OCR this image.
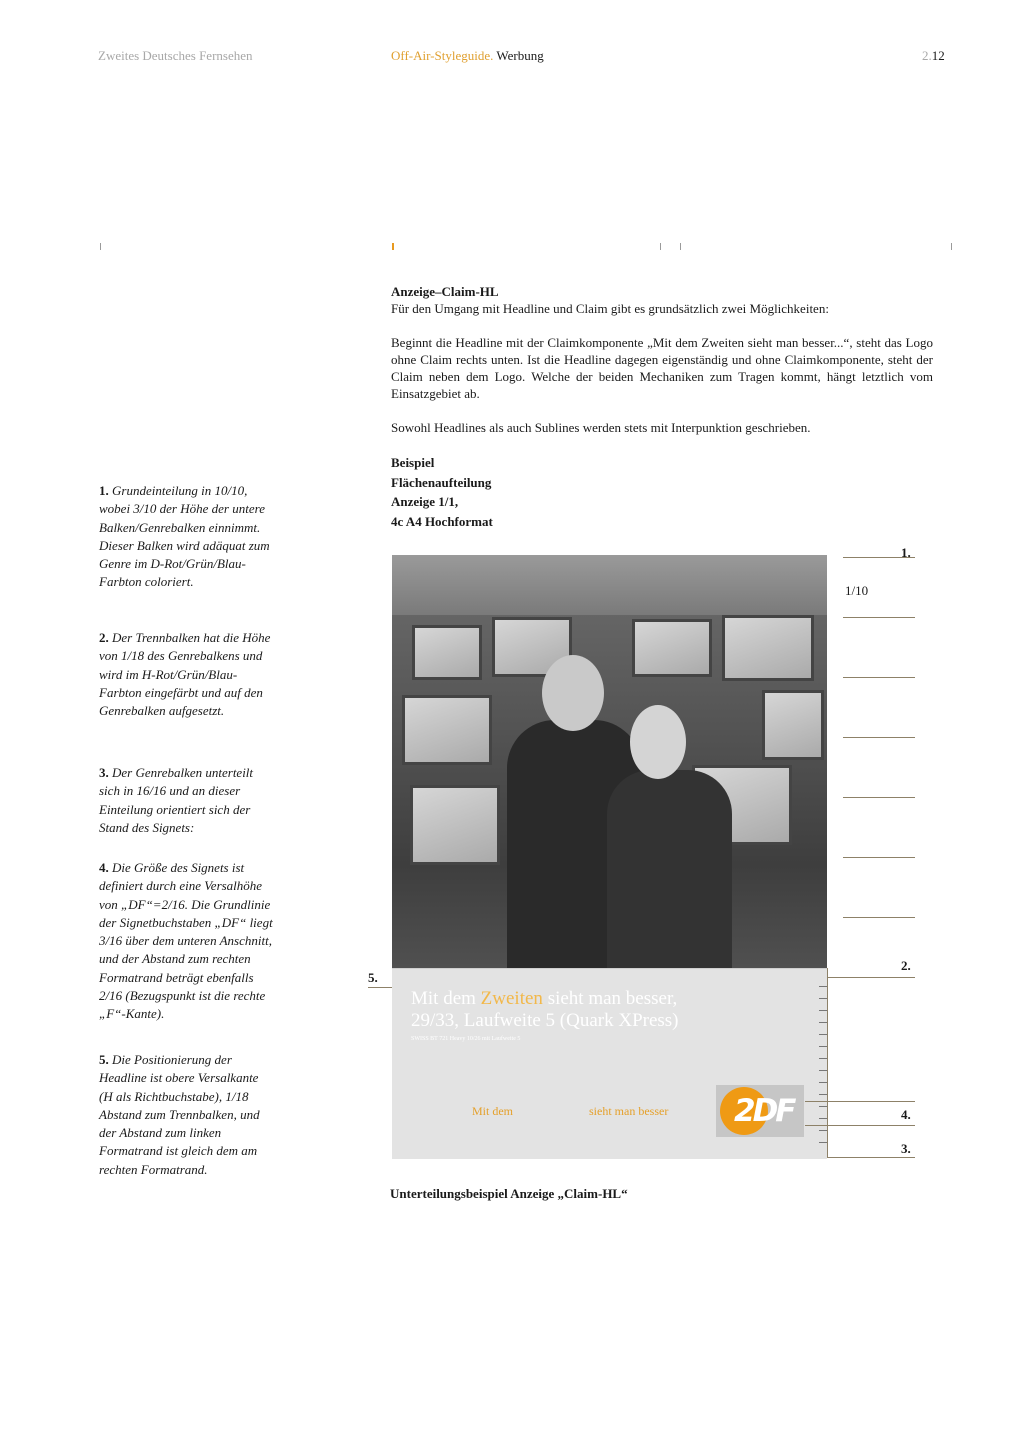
Zweites Deutsches Fernsehen	Off-Air-Styleguide. Werbung	2.12

Anzeige–Claim-HL

Für den Umgang mit Headline und Claim gibt es grundsätzlich zwei Möglichkeiten:

Beginnt die Headline mit der Claimkomponente „Mit dem Zweiten sieht man besser...“, steht das Logo ohne Claim rechts unten. Ist die Headline dagegen eigenständig und ohne Claimkomponente, steht der Claim neben dem Logo. Welche der beiden Mechaniken zum Tragen kommt, hängt letztlich vom Einsatzgebiet ab.

Sowohl Headlines als auch Sublines werden stets mit Interpunktion geschrieben.

Beispiel

Flächenaufteilung

Anzeige 1/1,

4c A4 Hochformat

1. Grundeinteilung in 10/10, wobei 3/10 der Höhe der untere Balken/Genrebalken einnimmt. Dieser Balken wird adäquat zum Genre im D-Rot/Grün/Blau-Farbton coloriert.

2. Der Trennbalken hat die Höhe von 1/18 des Genrebalkens und wird im H-Rot/Grün/Blau-Farbton eingefärbt und auf den Genrebalken aufgesetzt.

3. Der Genrebalken unterteilt sich in 16/16 und an dieser Einteilung orientiert sich der Stand des Signets:

4. Die Größe des Signets ist definiert durch eine Versalhöhe von „DF“=2/16. Die Grundlinie der Signetbuchstaben „DF“ liegt 3/16 über dem unteren Anschnitt, und der Abstand zum rechten Formatrand beträgt ebenfalls 2/16 (Bezugspunkt ist die rechte „F“-Kante).

5. Die Positionierung der Headline ist obere Versalkante (H als Richtbuchstabe), 1/18 Abstand zum Trennbalken, und der Abstand zum linken Formatrand ist gleich dem am rechten Formatrand.

Mit dem Zweiten sieht man besser,
29/33, Laufweite 5 (Quark XPress)
SWISS BT 721 Heavy 10/26 mit Laufweite 5
Mit dem	sieht man besser 2DF
1.
1/10
2.
4.
3.
5.
Unterteilungsbeispiel Anzeige „Claim-HL“
